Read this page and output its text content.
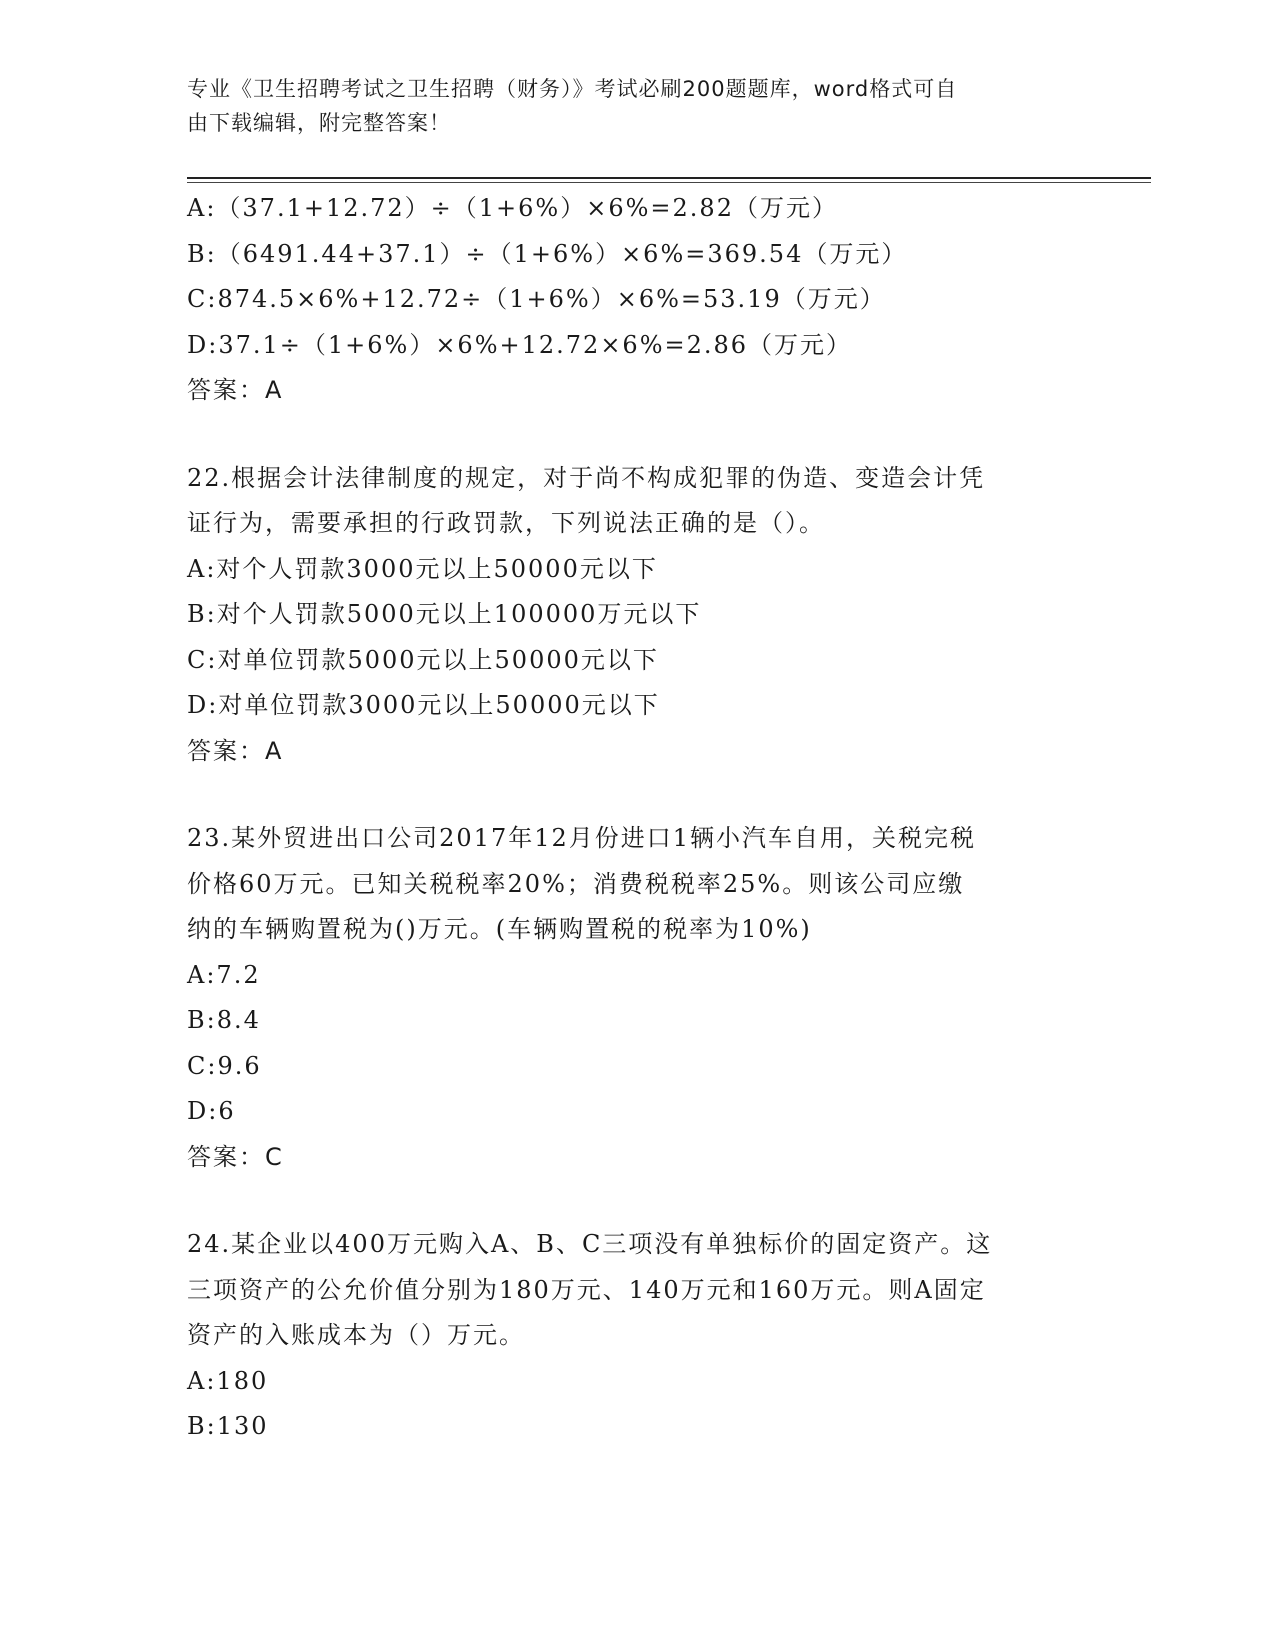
专业《卫生招聘考试之卫生招聘（财务）》考试必刷200题题库，word格式可自
由下载编辑，附完整答案！
A:（37.1+12.72）÷（1+6%）×6%=2.82（万元）
B:（6491.44+37.1）÷（1+6%）×6%=369.54（万元）
C:874.5×6%+12.72÷（1+6%）×6%=53.19（万元）
D:37.1÷（1+6%）×6%+12.72×6%=2.86（万元）
答案：A
22.根据会计法律制度的规定，对于尚不构成犯罪的伪造、变造会计凭
证行为，需要承担的行政罚款，下列说法正确的是（）。
A:对个人罚款3000元以上50000元以下
B:对个人罚款5000元以上100000万元以下
C:对单位罚款5000元以上50000元以下
D:对单位罚款3000元以上50000元以下
答案：A
23.某外贸进出口公司2017年12月份进口1辆小汽车自用，关税完税
价格60万元。已知关税税率20%；消费税税率25%。则该公司应缴
纳的车辆购置税为()万元。(车辆购置税的税率为10%)
A:7.2
B:8.4
C:9.6
D:6
答案：C
24.某企业以400万元购入A、B、C三项没有单独标价的固定资产。这
三项资产的公允价值分别为180万元、140万元和160万元。则A固定
资产的入账成本为（）万元。
A:180
B:130
